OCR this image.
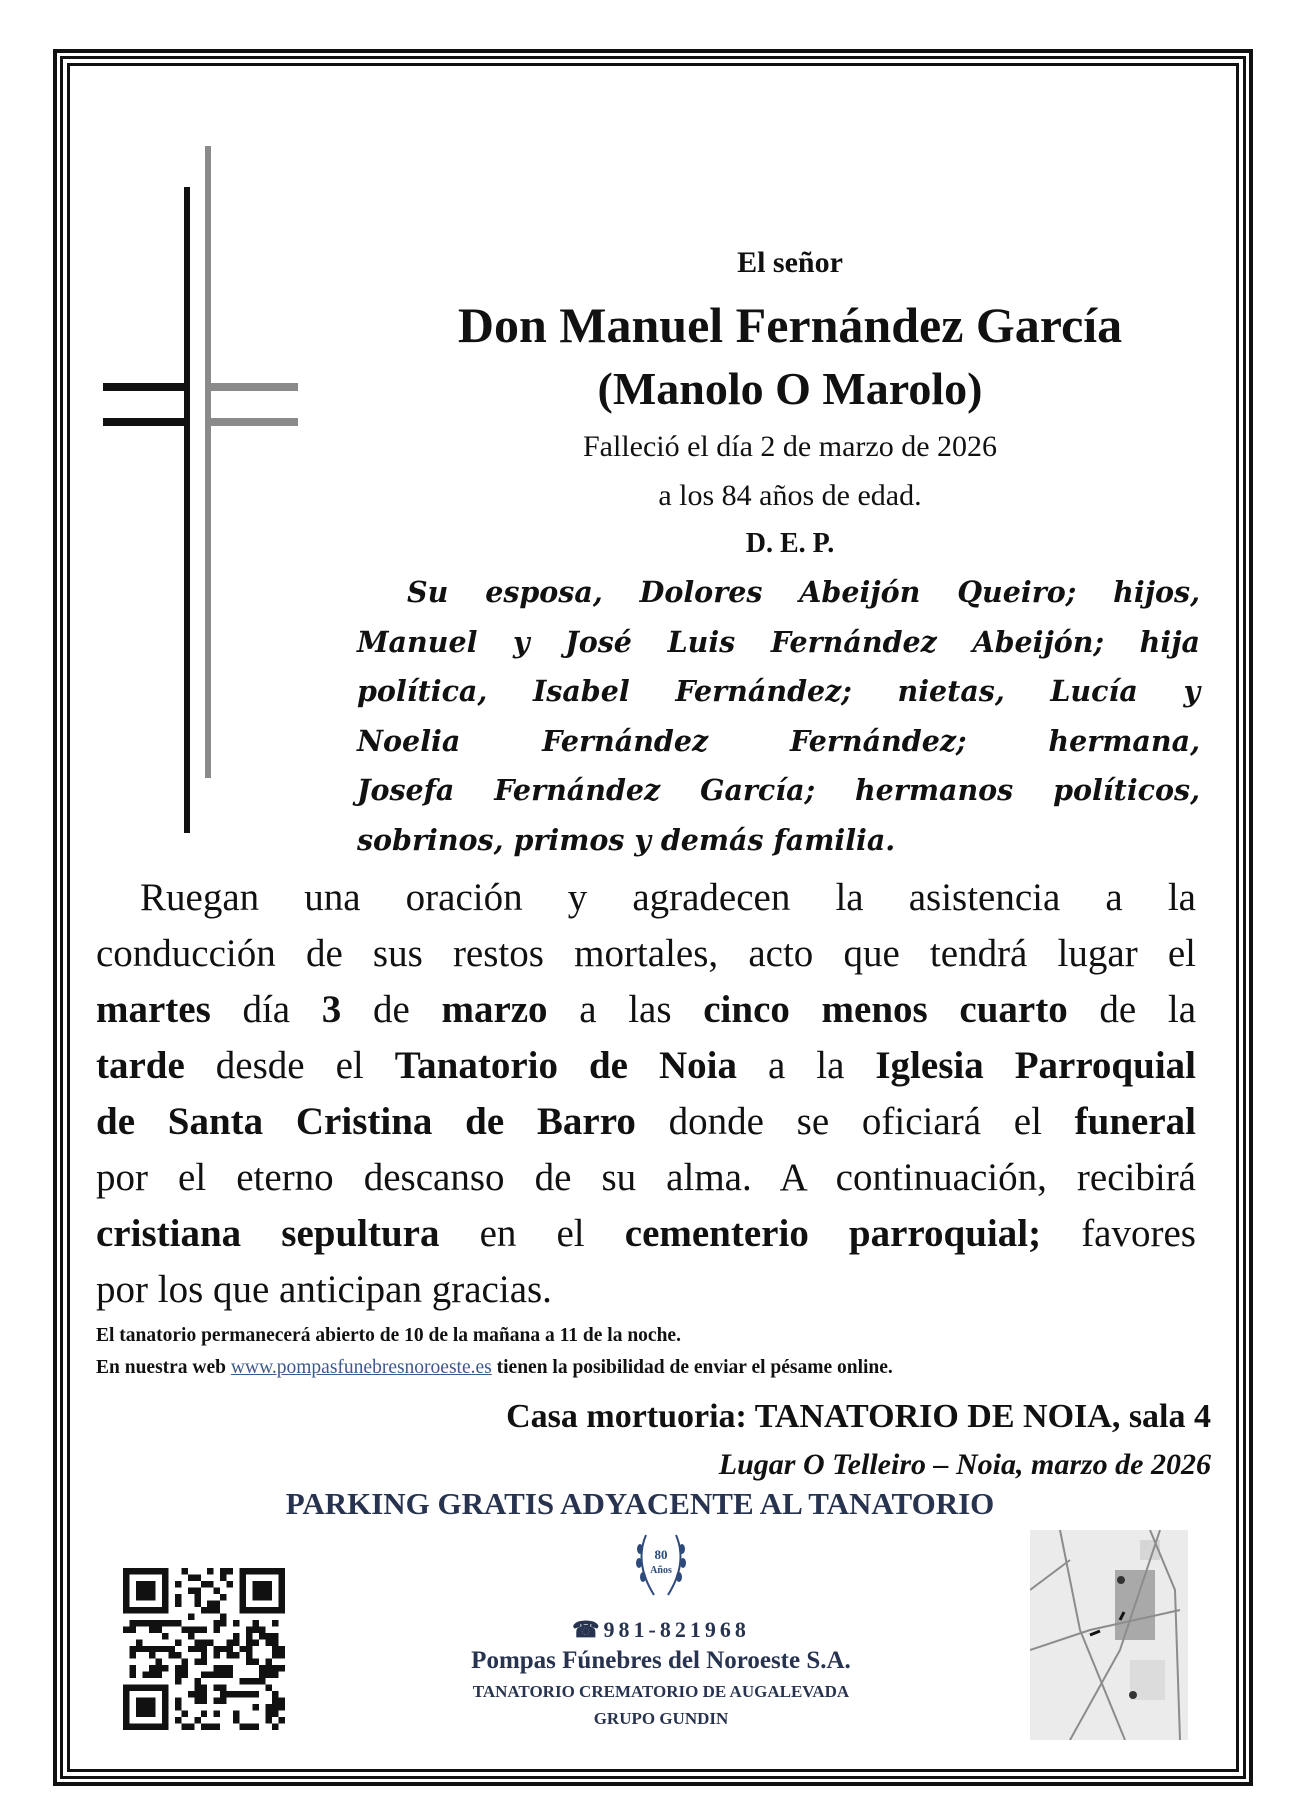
El señor
Don Manuel Fernández García
(Manolo O Marolo)
Falleció el día 2 de marzo de 2026
a los 84 años de edad.
D. E. P.
Su esposa, Dolores Abeijón Queiro; hijos,
Manuel y José Luis Fernández Abeijón; hija
política, Isabel Fernández; nietas, Lucía y
Noelia Fernández Fernández; hermana,
Josefa Fernández García; hermanos políticos,
sobrinos, primos y demás familia.
Ruegan una oración y agradecen la asistencia a la
conducción de sus restos mortales, acto que tendrá lugar el
martes día 3 de marzo a las cinco menos cuarto de la
tarde desde el Tanatorio de Noia a la Iglesia Parroquial
de Santa Cristina de Barro donde se oficiará el funeral
por el eterno descanso de su alma. A continuación, recibirá
cristiana sepultura en el cementerio parroquial; favores
por los que anticipan gracias.
El tanatorio permanecerá abierto de 10 de la mañana a 11 de la noche.
En nuestra web www.pompasfunebresnoroeste.es tienen la posibilidad de enviar el pésame online.
Casa mortuoria: TANATORIO DE NOIA, sala 4
Lugar O Telleiro – Noia, marzo de 2026
PARKING GRATIS ADYACENTE AL TANATORIO
80
Años
☎981-821968
Pompas Fúnebres del Noroeste S.A.
TANATORIO CREMATORIO DE AUGALEVADA
GRUPO GUNDIN
